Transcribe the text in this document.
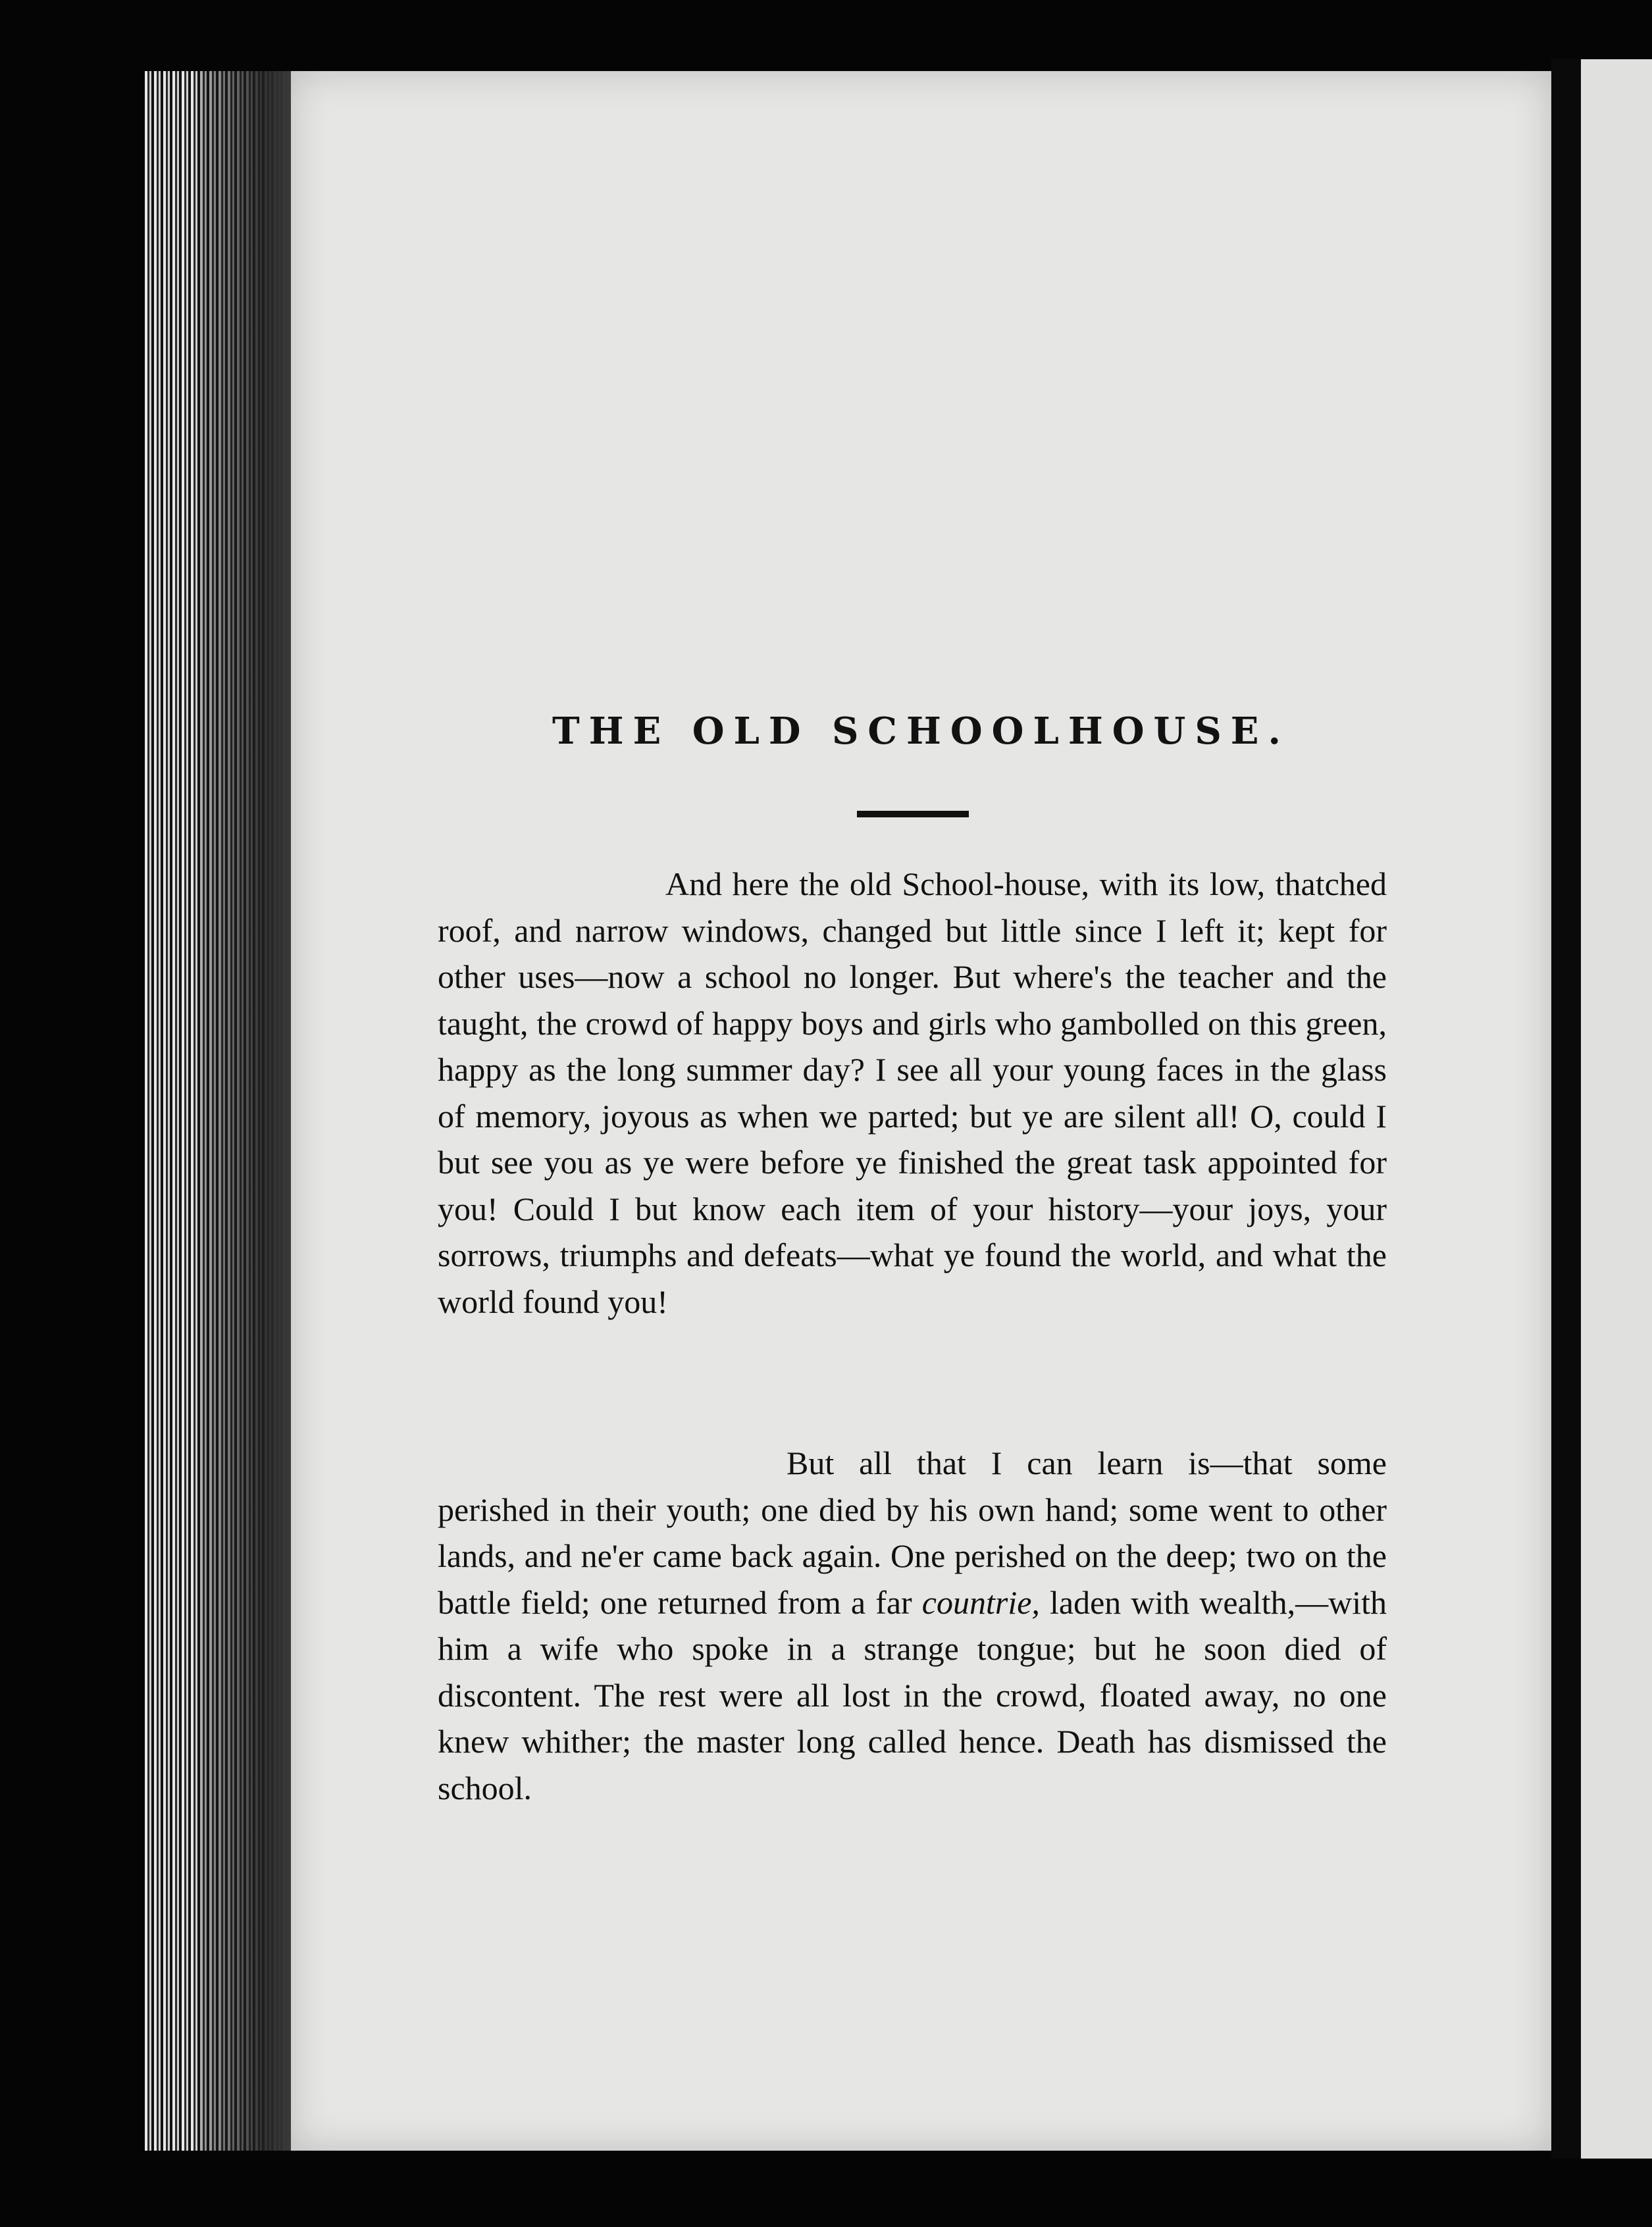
THE OLD SCHOOLHOUSE.

And here the old School-house, with its low, thatched roof, and narrow windows, changed but little since I left it; kept for other uses—now a school no longer. But where's the teacher and the taught, the crowd of happy boys and girls who gambolled on this green, happy as the long summer day? I see all your young faces in the glass of memory, joyous as when we parted; but ye are silent all! O, could I but see you as ye were before ye finished the great task appointed for you! Could I but know each item of your history—your joys, your sorrows, triumphs and defeats—what ye found the world, and what the world found you!

But all that I can learn is—that some perished in their youth; one died by his own hand; some went to other lands, and ne'er came back again. One perished on the deep; two on the battle field; one returned from a far countrie, laden with wealth,—with him a wife who spoke in a strange tongue; but he soon died of discontent. The rest were all lost in the crowd, floated away, no one knew whither; the master long called hence. Death has dismissed the school.
